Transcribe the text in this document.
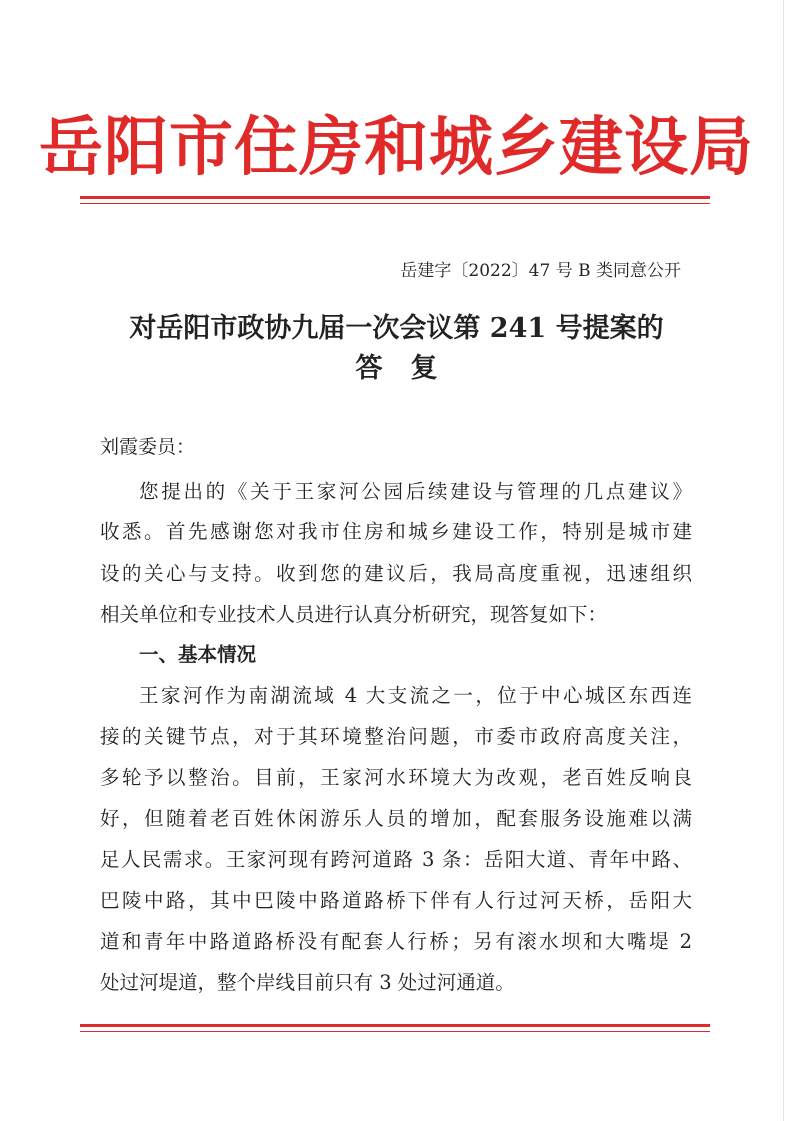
岳阳市住房和城乡建设局
岳建字〔2022〕47 号 B 类同意公开
对岳阳市政协九届一次会议第 241 号提案的
答复
刘霞委员：
您提出的《关于王家河公园后续建设与管理的几点建议》
收悉。首先感谢您对我市住房和城乡建设工作，特别是城市建
设的关心与支持。收到您的建议后，我局高度重视，迅速组织
相关单位和专业技术人员进行认真分析研究，现答复如下：
一、基本情况
王家河作为南湖流域 4 大支流之一，位于中心城区东西连
接的关键节点，对于其环境整治问题，市委市政府高度关注，
多轮予以整治。目前，王家河水环境大为改观，老百姓反响良
好，但随着老百姓休闲游乐人员的增加，配套服务设施难以满
足人民需求。王家河现有跨河道路 3 条：岳阳大道、青年中路、
巴陵中路，其中巴陵中路道路桥下伴有人行过河天桥，岳阳大
道和青年中路道路桥没有配套人行桥；另有滚水坝和大嘴堤 2
处过河堤道，整个岸线目前只有 3 处过河通道。
